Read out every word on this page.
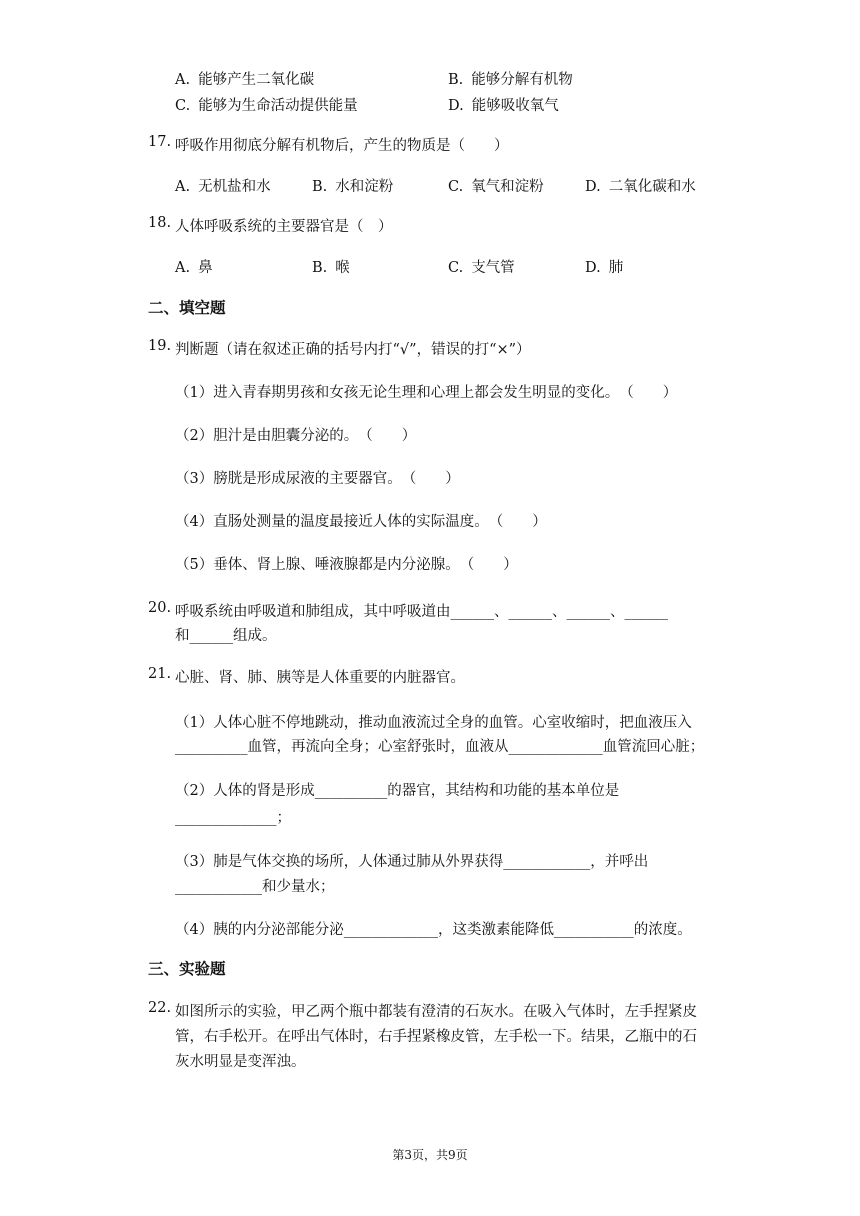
A. 能够产生二氧化碳	B. 能够分解有机物
C. 能够为生命活动提供能量	D. 能够吸收氧气
17. 呼吸作用彻底分解有机物后，产生的物质是（　　）
A. 无机盐和水	B. 水和淀粉	C. 氧气和淀粉	D. 二氧化碳和水
18. 人体呼吸系统的主要器官是（　）
A. 鼻	B. 喉	C. 支气管	D. 肺
二、填空题
19. 判断题（请在叙述正确的括号内打“√”，错误的打“×”）
（1）进入青春期男孩和女孩无论生理和心理上都会发生明显的变化。　（　　）
（2）胆汁是由胆囊分泌的。　（　　）
（3）膀胱是形成尿液的主要器官。　（　　）
（4）直肠处测量的温度最接近人体的实际温度。　（　　）
（5）垂体、肾上腺、唾液腺都是内分泌腺。　（　　）
20. 呼吸系统由呼吸道和肺组成，其中呼吸道由______、______、______、______
和______组成。
21. 心脏、肾、肺、胰等是人体重要的内脏器官。
（1）人体心脏不停地跳动，推动血液流过全身的血管。心室收缩时，把血液压入
__________血管，再流向全身；心室舒张时，血液从_____________血管流回心脏；
（2）人体的肾是形成__________的器官，其结构和功能的基本单位是
______________；
（3）肺是气体交换的场所，人体通过肺从外界获得____________，并呼出
____________和少量水；
（4）胰的内分泌部能分泌_____________，这类激素能降低___________的浓度。
三、实验题
22. 如图所示的实验，甲乙两个瓶中都装有澄清的石灰水。在吸入气体时，左手捏紧皮
管，右手松开。在呼出气体时，右手捏紧橡皮管，左手松一下。结果，乙瓶中的石
灰水明显是变浑浊。
第3页，共9页
